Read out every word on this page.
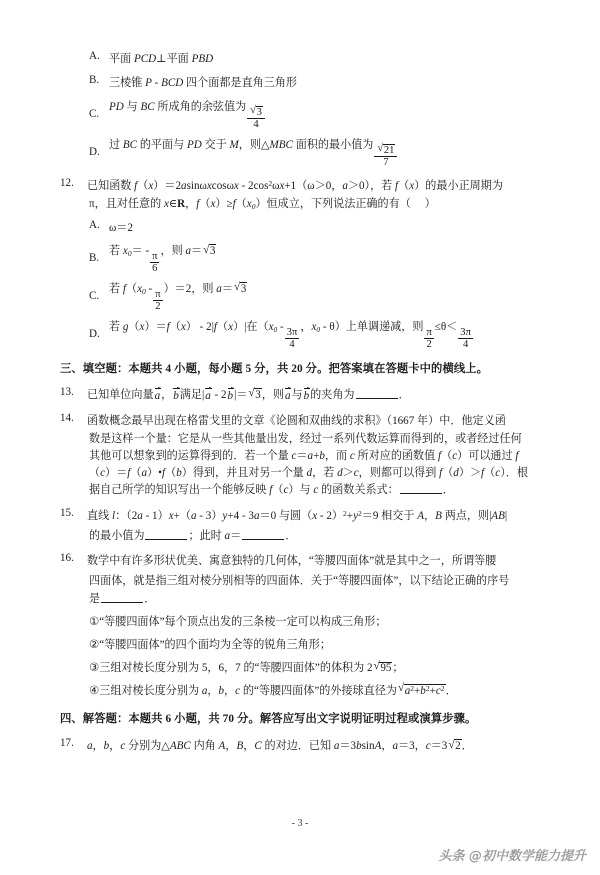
A. 平面 PCD⊥平面 PBD
B. 三棱锥 P - BCD 四个面都是直角三角形
C.
PD 与 BC 所成角的余弦值为 √ $\frac{3}{4}$
D.
过 BC 的平面与 PD 交于 M，则△MBC 面积的最小值为 √ $\frac{21}{7}$
12.	已知函数 $f(x)=2asin\omega xcos\omega x - 2\cos^2\omega x+1(\omega>0$，a＞0），若 f（x）的最小正周期为
π，且对任意的 x∈R，$f(x)\ge f(x_0)$恒成立，下列说法正确的有（     ）
A. ω＝2
B.
若 $x_0= - \frac{\pi}{6}$ ，则 a＝ √ 3
C.
若 $f(x_0 - \frac{\pi}{2} )=2$，则 a＝ √ 3
D.
若 g（x）＝f（x） - 2|f（x）|在（$x_0 - \frac{3\pi}{4}$ ，$x_0 - \theta$）上单调递减，则 $\frac{\pi}{2} \le\theta< \frac{3\pi}{4}$
三、填空题：本题共 4 小题，每小题 5 分，共 20 分。把答案填在答题卡中的横线上。
13.	已知单位向量a，b满足|a - 2b|＝ √ 3，则a与b的夹角为	．
14.	函数概念最早出现在格雷戈里的文章《论圆和双曲线的求积》（1667 年）中．他定义函
数是这样一个量：它是从一些其他量出发，经过一系列代数运算而得到的，或者经过任何
其他可以想象到的运算得到的．若一个量 c＝a+b，而 c 所对应的函数值 f（c）可以通过 f
（c）＝f（a）•f（b）得到，并且对另一个量 d，若 d＞c，则都可以得到 f（d）＞f（c）．根
据自己所学的知识写出一个能够反映 f（c）与 c 的函数关系式：	．
15.	直线 l：（2a - 1）x+（a - 3）y+4 - 3a＝0 与圆$(x - 2)^2+y^2=9$ 相交于 A，B 两点，则|AB|
的最小值为	；此时 a＝	．
16.	数学中有许多形状优美、寓意独特的几何体，“等腰四面体”就是其中之一，所谓等腰
四面体，就是指三组对棱分别相等的四面体．关于“等腰四面体”，以下结论正确的序号
是	．
①“等腰四面体”每个顶点出发的三条棱一定可以构成三角形；
②“等腰四面体”的四个面均为全等的锐角三角形；
③三组对棱长度分别为 5，6，7 的“等腰四面体”的体积为 2 √ 95；
④三组对棱长度分别为 a，b，c 的“等腰四面体”的外接球直径为 √ $a^2+b^2+c^2$．
四、解答题：本题共 6 小题，共 70 分。解答应写出文字说明证明过程或演算步骤。
17.	a，b，c 分别为△ABC 内角 A，B，C 的对边．已知 a＝3bsinA，a＝3，c＝3 √ 2．
- 3 -
头条 @初中数学能力提升
